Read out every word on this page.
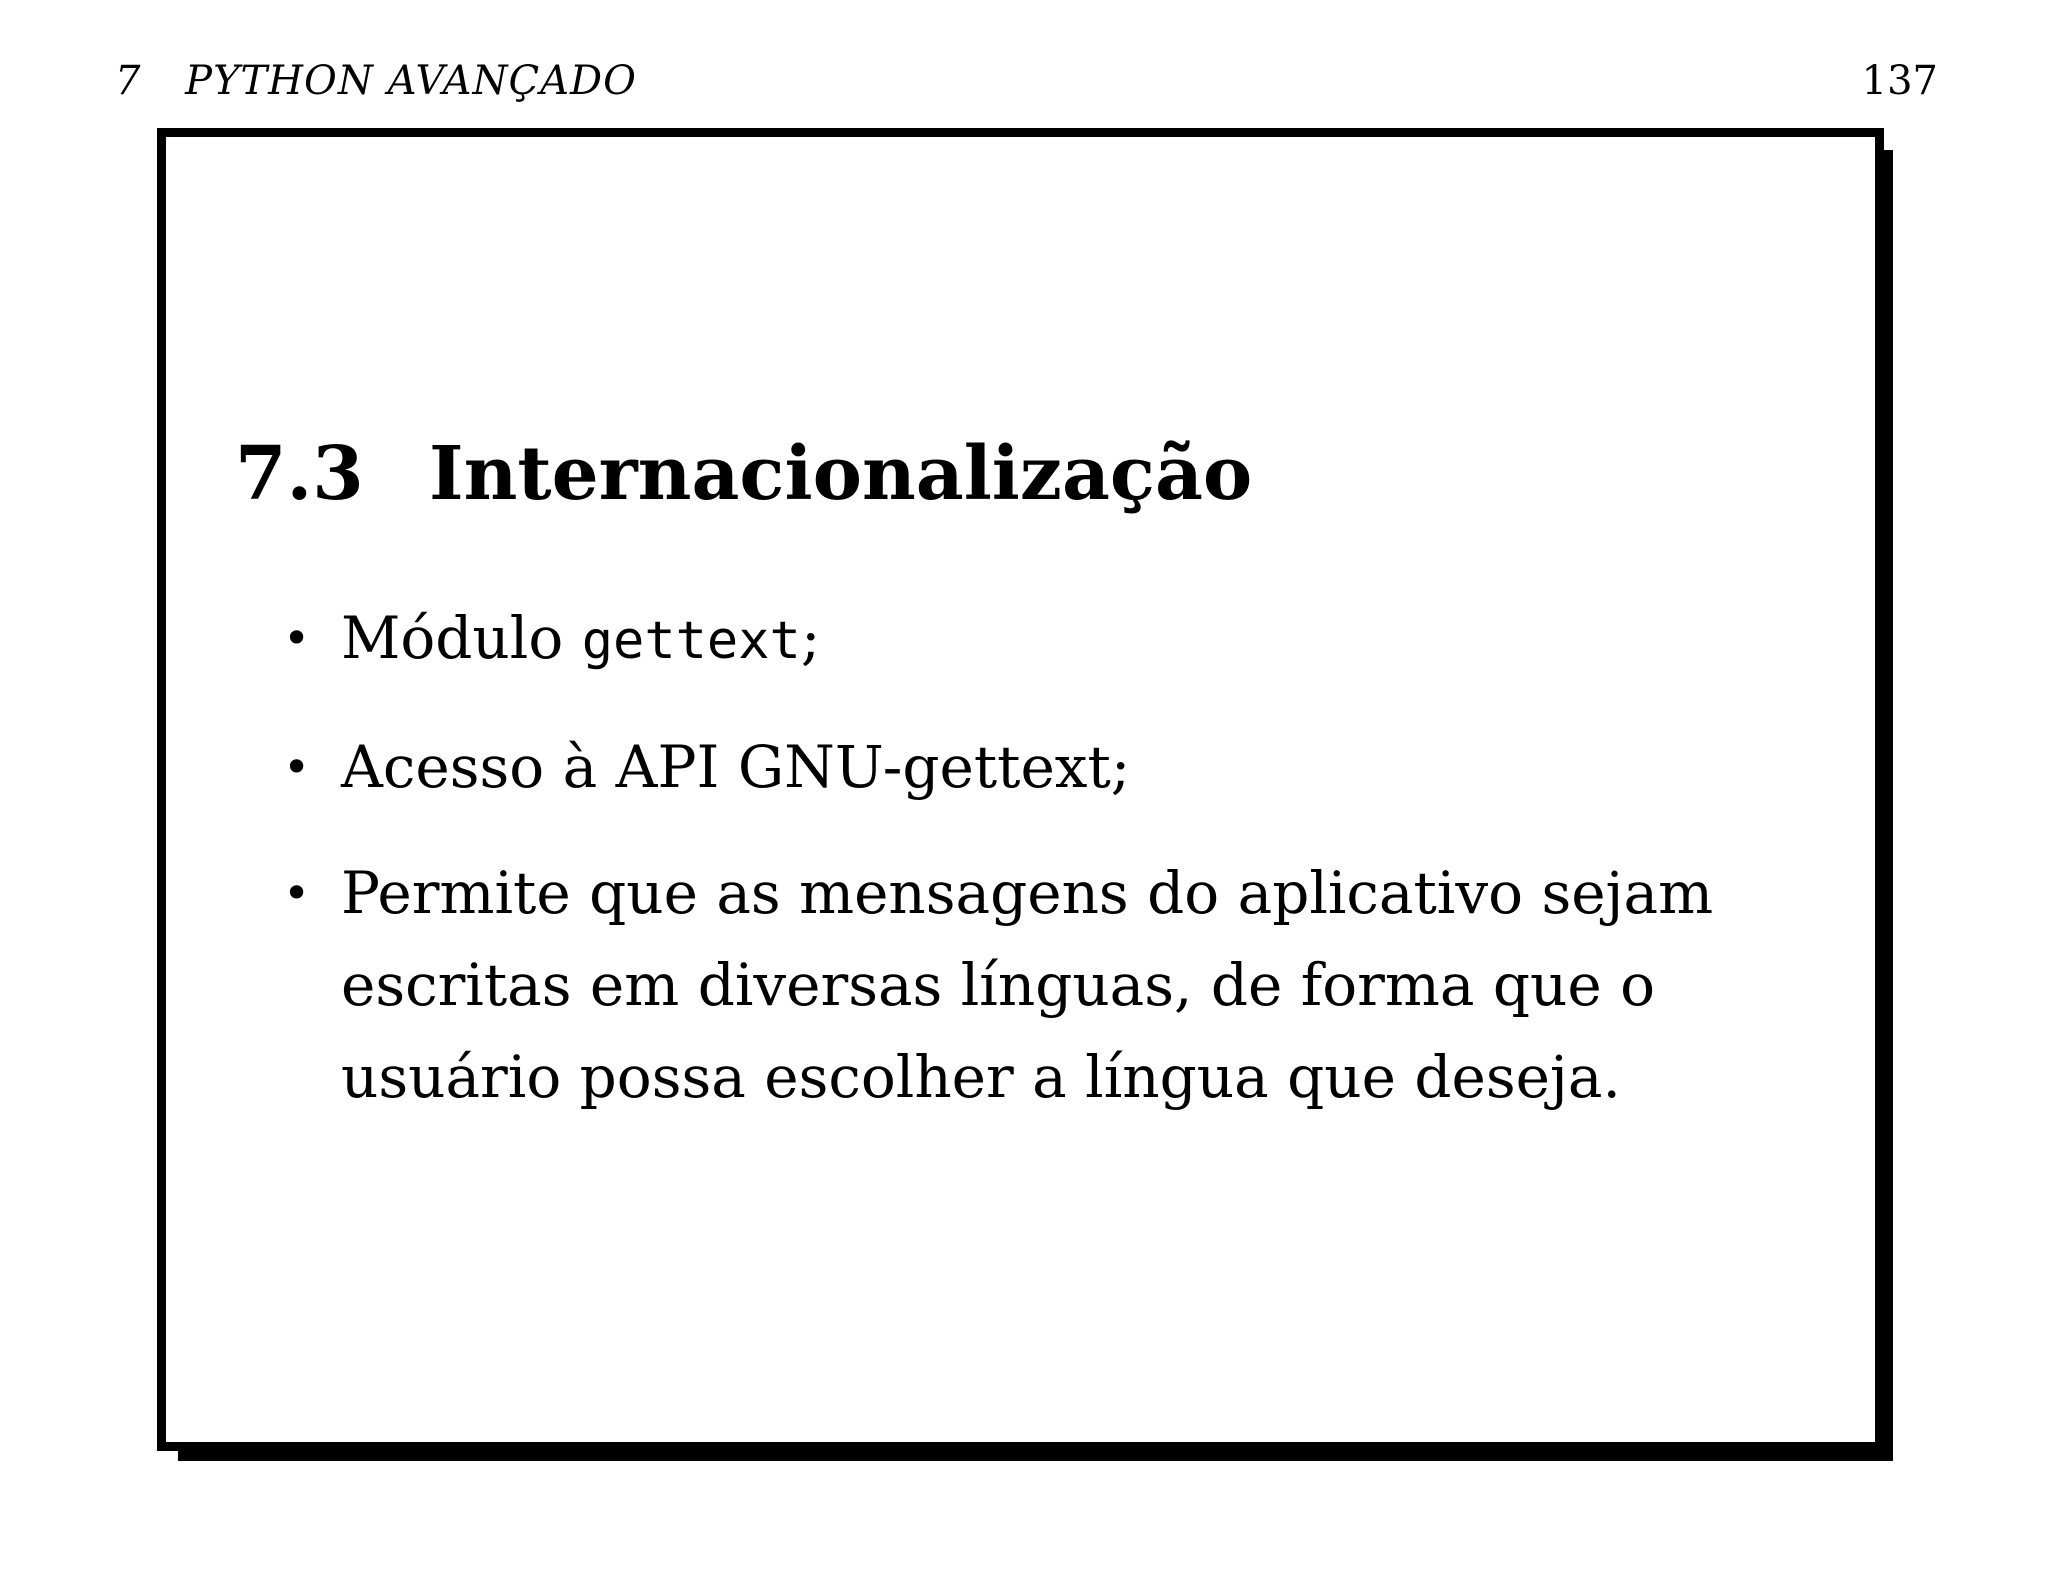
7 PYTHON AVANÇADO	137
7.3 Internacionalização
• Módulo gettext;
• Acesso à API GNU-gettext;
• Permite que as mensagens do aplicativo sejam escritas em diversas línguas, de forma que o usuário possa escolher a língua que deseja.
